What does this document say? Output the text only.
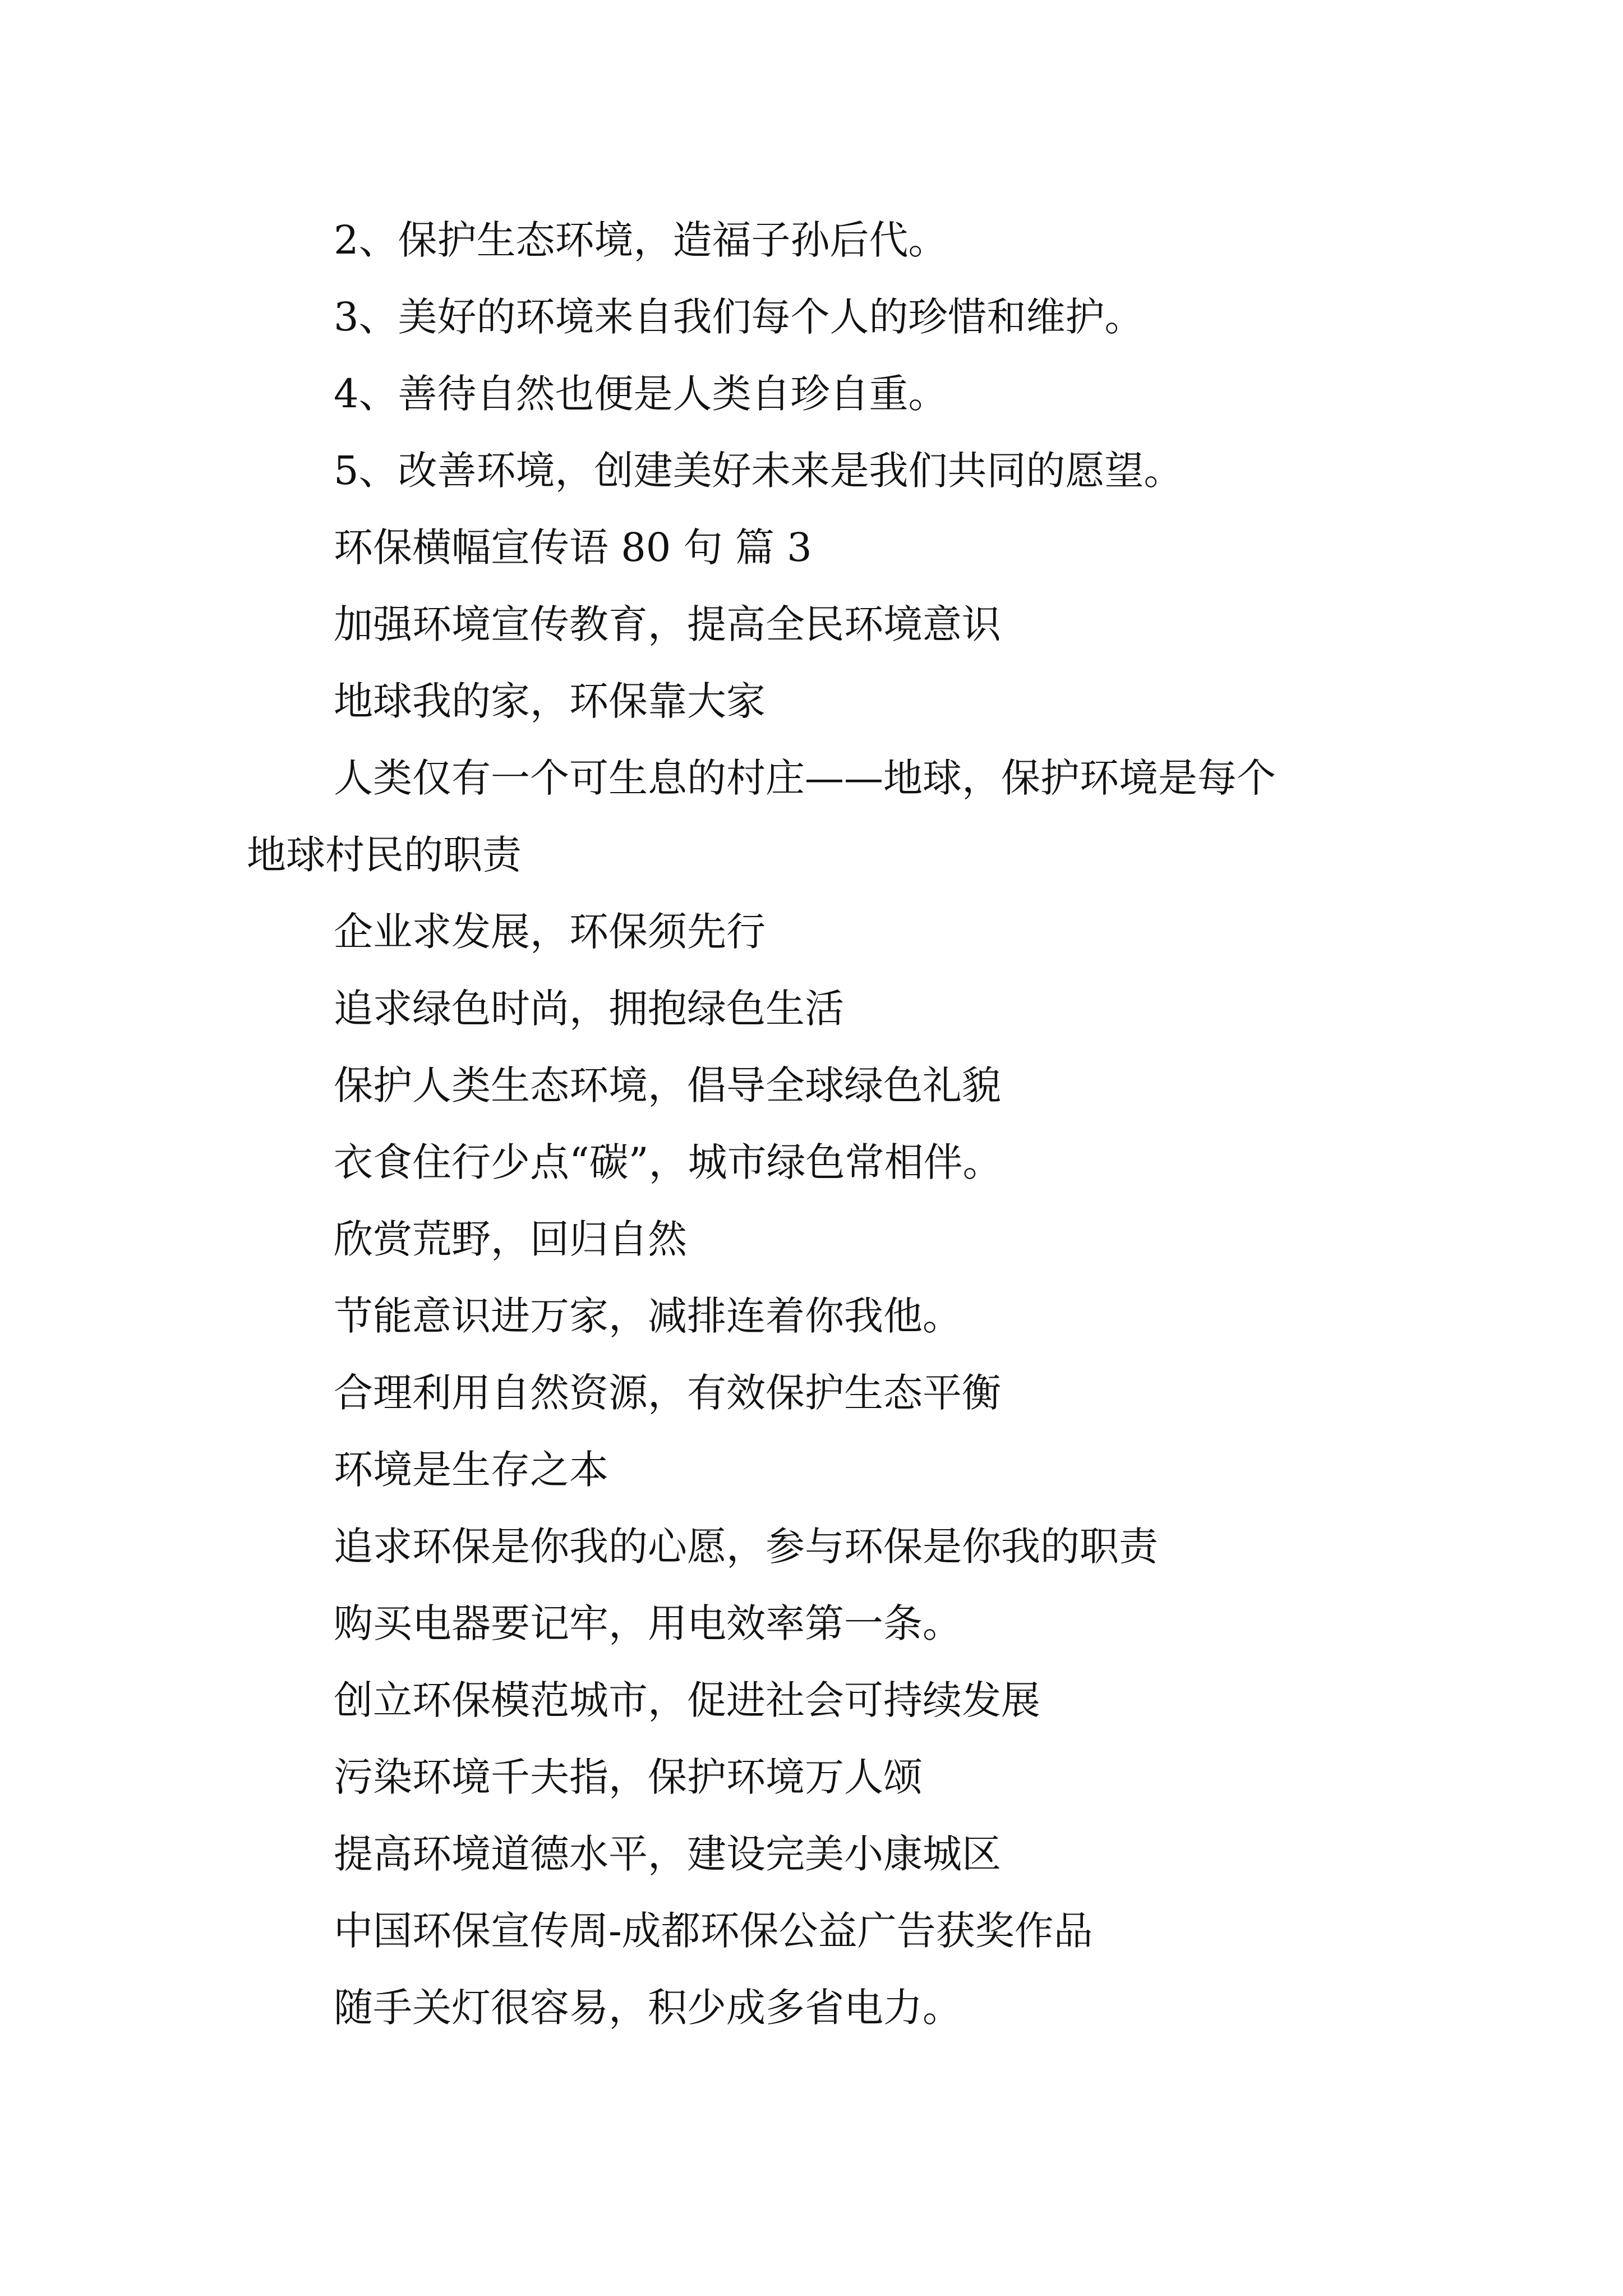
2、保护生态环境，造福子孙后代。
3、美好的环境来自我们每个人的珍惜和维护。
4、善待自然也便是人类自珍自重。
5、改善环境，创建美好未来是我们共同的愿望。
环保横幅宣传语 80 句 篇 3
加强环境宣传教育，提高全民环境意识
地球我的家，环保靠大家
人类仅有一个可生息的村庄——地球，保护环境是每个
地球村民的职责
企业求发展，环保须先行
追求绿色时尚，拥抱绿色生活
保护人类生态环境，倡导全球绿色礼貌
衣食住行少点“碳”，城市绿色常相伴。
欣赏荒野，回归自然
节能意识进万家，减排连着你我他。
合理利用自然资源，有效保护生态平衡
环境是生存之本
追求环保是你我的心愿，参与环保是你我的职责
购买电器要记牢，用电效率第一条。
创立环保模范城市，促进社会可持续发展
污染环境千夫指，保护环境万人颂
提高环境道德水平，建设完美小康城区
中国环保宣传周-成都环保公益广告获奖作品
随手关灯很容易，积少成多省电力。
